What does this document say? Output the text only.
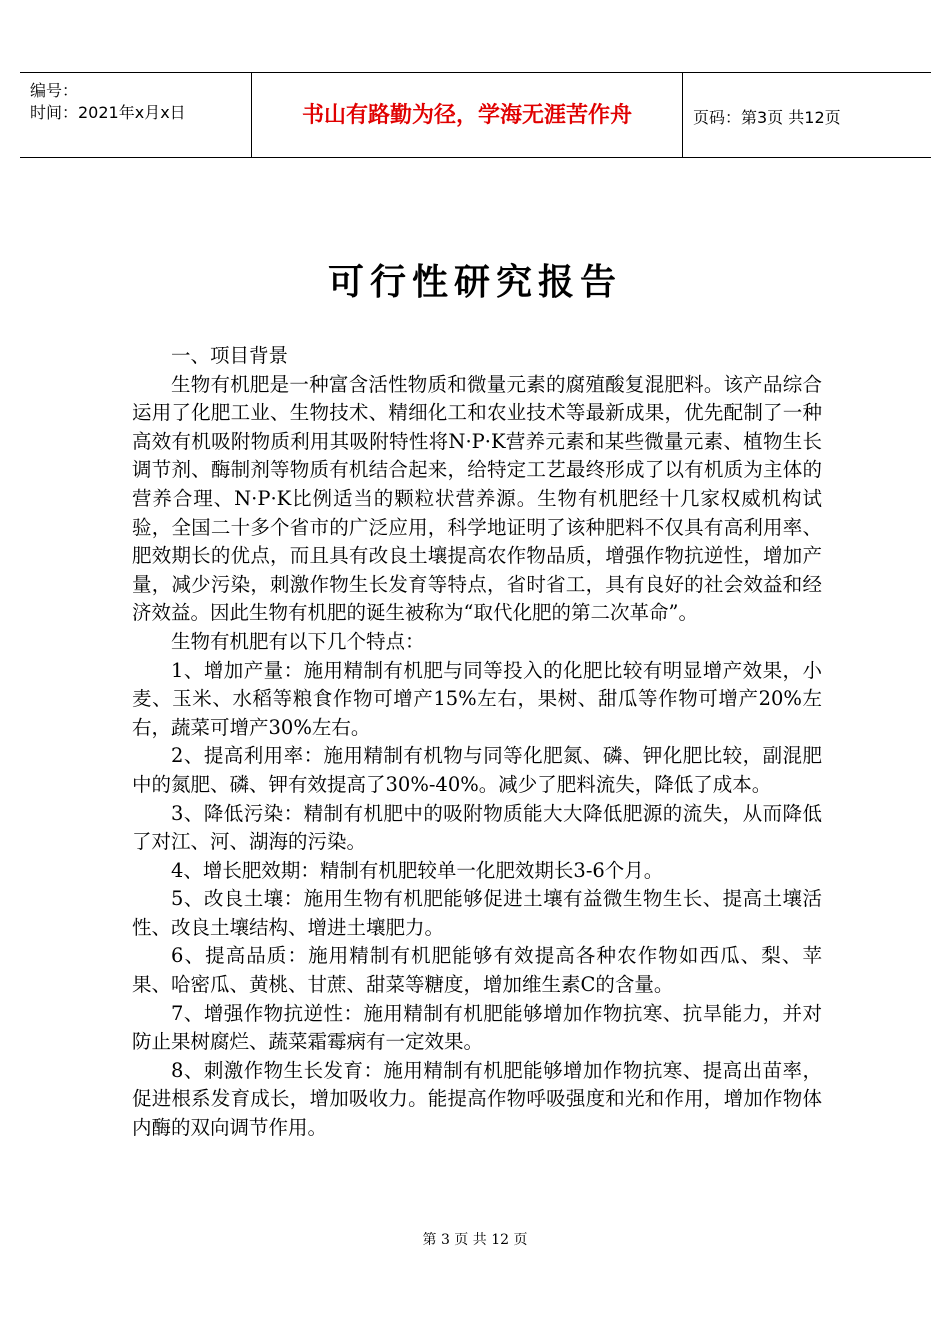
编号：
时间：2021年x月x日	书山有路勤为径，学海无涯苦作舟	页码：第3页 共12页
可行性研究报告

一、项目背景

生物有机肥是一种富含活性物质和微量元素的腐殖酸复混肥料。该产品综合运用了化肥工业、生物技术、精细化工和农业技术等最新成果，优先配制了一种高效有机吸附物质利用其吸附特性将N·P·K营养元素和某些微量元素、植物生长调节剂、酶制剂等物质有机结合起来，给特定工艺最终形成了以有机质为主体的营养合理、N·P·K比例适当的颗粒状营养源。生物有机肥经十几家权威机构试验，全国二十多个省市的广泛应用，科学地证明了该种肥料不仅具有高利用率、肥效期长的优点，而且具有改良土壤提高农作物品质，增强作物抗逆性，增加产量，减少污染，刺激作物生长发育等特点，省时省工，具有良好的社会效益和经济效益。因此生物有机肥的诞生被称为“取代化肥的第二次革命”。

生物有机肥有以下几个特点：

1、增加产量：施用精制有机肥与同等投入的化肥比较有明显增产效果，小麦、玉米、水稻等粮食作物可增产15%左右，果树、甜瓜等作物可增产20%左右，蔬菜可增产30%左右。

2、提高利用率：施用精制有机物与同等化肥氮、磷、钾化肥比较，副混肥中的氮肥、磷、钾有效提高了30%-40%。减少了肥料流失，降低了成本。

3、降低污染：精制有机肥中的吸附物质能大大降低肥源的流失，从而降低了对江、河、湖海的污染。

4、增长肥效期：精制有机肥较单一化肥效期长3-6个月。

5、改良土壤：施用生物有机肥能够促进土壤有益微生物生长、提高土壤活性、改良土壤结构、增进土壤肥力。

6、提高品质：施用精制有机肥能够有效提高各种农作物如西瓜、梨、苹果、哈密瓜、黄桃、甘蔗、甜菜等糖度，增加维生素C的含量。

7、增强作物抗逆性：施用精制有机肥能够增加作物抗寒、抗旱能力，并对防止果树腐烂、蔬菜霜霉病有一定效果。

8、刺激作物生长发育：施用精制有机肥能够增加作物抗寒、提高出苗率，促进根系发育成长，增加吸收力。能提高作物呼吸强度和光和作用，增加作物体内酶的双向调节作用。

第 3 页 共 12 页
